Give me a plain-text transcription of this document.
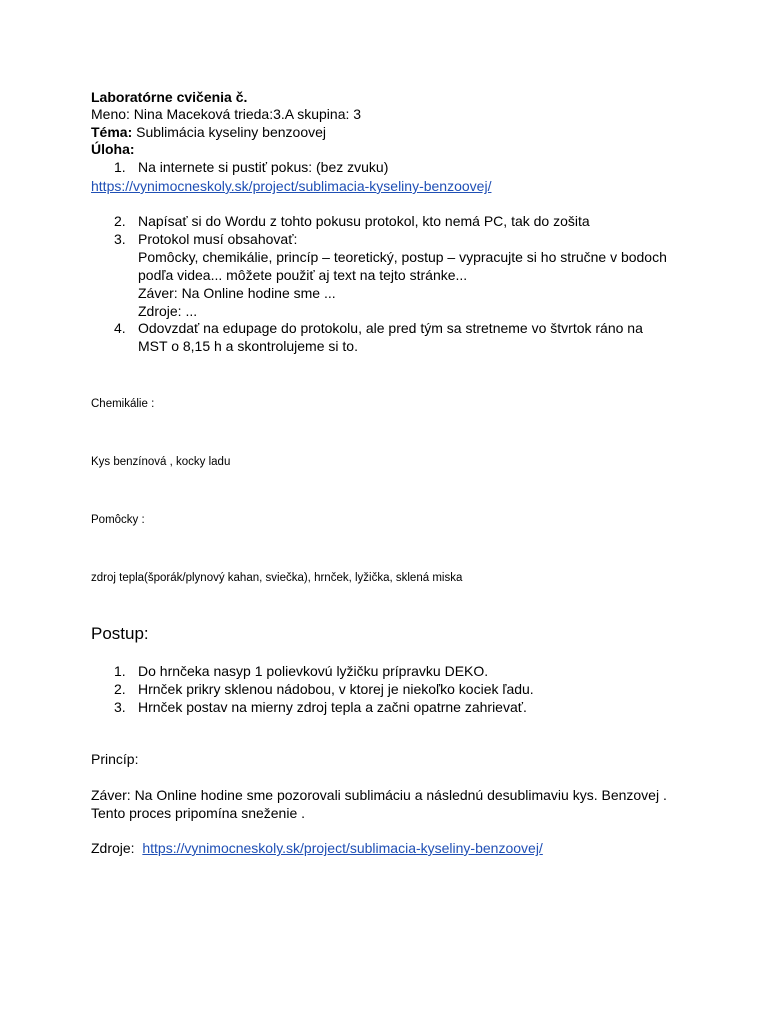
Laboratórne cvičenia č.
Meno: Nina Maceková trieda:3.A skupina: 3
Téma: Sublimácia kyseliny benzoovej
Úloha:
1. Na internete si pustiť pokus: (bez zvuku)
https://vynimocneskoly.sk/project/sublimacia-kyseliny-benzoovej/
2. Napísať si do Wordu z tohto pokusu protokol, kto nemá PC, tak do zošita
3. Protokol musí obsahovať:
Pomôcky, chemikálie, princíp – teoretický, postup – vypracujte si ho stručne v bodoch
podľa videa... môžete použiť aj text na tejto stránke...
Záver: Na Online hodine sme ...
Zdroje: ...
4. Odovzdať na edupage do protokolu, ale pred tým sa stretneme vo štvrtok ráno na
MST o 8,15 h a skontrolujeme si to.
Chemikálie :
Kys benzínová , kocky ladu
Pomôcky :
zdroj tepla(šporák/plynový kahan, sviečka), hrnček, lyžička, sklená miska
Postup:
1. Do hrnčeka nasyp 1 polievkovú lyžičku prípravku DEKO.
2. Hrnček prikry sklenou nádobou, v ktorej je niekoľko kociek ľadu.
3. Hrnček postav na mierny zdroj tepla a začni opatrne zahrievať.
Princíp:
Záver: Na Online hodine sme pozorovali sublimáciu a následnú desublimaviu kys. Benzovej .
Tento proces pripomína sneženie .
Zdroje: https://vynimocneskoly.sk/project/sublimacia-kyseliny-benzoovej/
